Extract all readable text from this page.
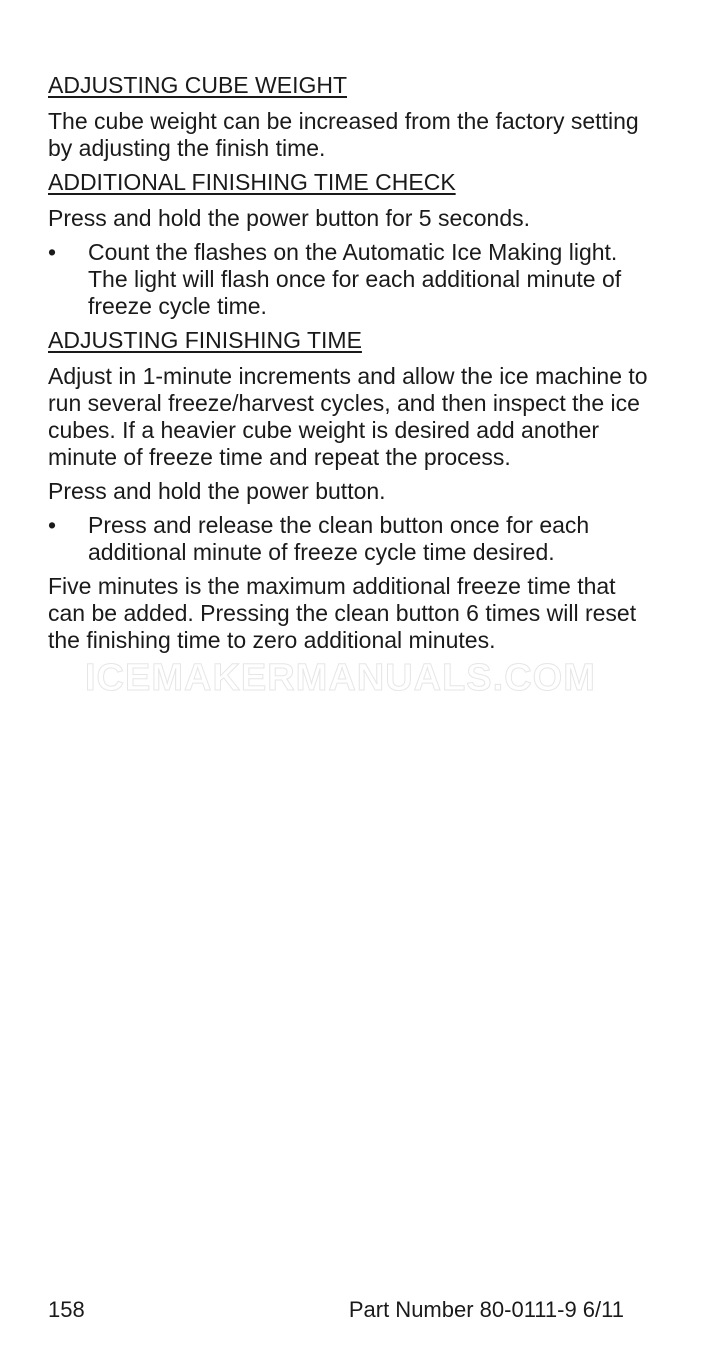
ICEMAKERMANUALS.COM
ADJUSTING CUBE WEIGHT

The cube weight can be increased from the factory setting by adjusting the finish time.

ADDITIONAL FINISHING TIME CHECK

Press and hold the power button for 5 seconds.

• Count the flashes on the Automatic Ice Making light. The light will flash once for each additional minute of freeze cycle time.
ADJUSTING FINISHING TIME

Adjust in 1-minute increments and allow the ice machine to run several freeze/harvest cycles, and then inspect the ice cubes. If a heavier cube weight is desired add another minute of freeze time and repeat the process.

Press and hold the power button.

• Press and release the clean button once for each additional minute of freeze cycle time desired.

Five minutes is the maximum additional freeze time that can be added. Pressing the clean button 6 times will reset the finishing time to zero additional minutes.

158	Part Number 80-0111-9 6/11
